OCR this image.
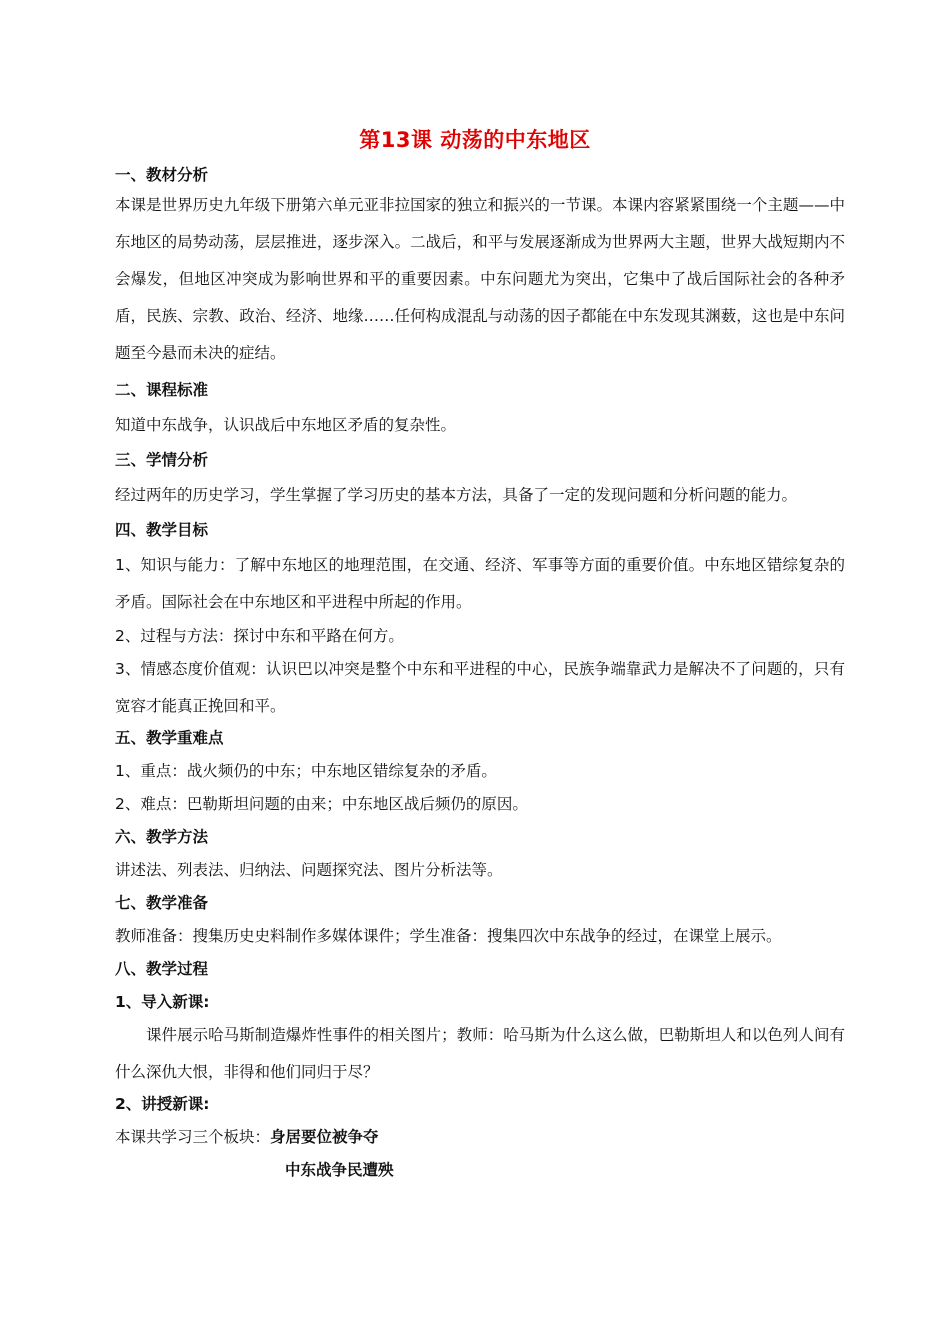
第13课 动荡的中东地区
一、教材分析
本课是世界历史九年级下册第六单元亚非拉国家的独立和振兴的一节课。本课内容紧紧围绕一个主题——中东地区的局势动荡，层层推进，逐步深入。二战后，和平与发展逐渐成为世界两大主题，世界大战短期内不会爆发，但地区冲突成为影响世界和平的重要因素。中东问题尤为突出，它集中了战后国际社会的各种矛盾，民族、宗教、政治、经济、地缘……任何构成混乱与动荡的因子都能在中东发现其渊薮，这也是中东问题至今悬而未决的症结。
二、课程标准
知道中东战争，认识战后中东地区矛盾的复杂性。
三、学情分析
经过两年的历史学习，学生掌握了学习历史的基本方法，具备了一定的发现问题和分析问题的能力。
四、教学目标
1、知识与能力：了解中东地区的地理范围，在交通、经济、军事等方面的重要价值。中东地区错综复杂的矛盾。国际社会在中东地区和平进程中所起的作用。
2、过程与方法：探讨中东和平路在何方。
3、情感态度价值观：认识巴以冲突是整个中东和平进程的中心，民族争端靠武力是解决不了问题的，只有宽容才能真正挽回和平。
五、教学重难点
1、重点：战火频仍的中东；中东地区错综复杂的矛盾。
2、难点：巴勒斯坦问题的由来；中东地区战后频仍的原因。
六、教学方法
讲述法、列表法、归纳法、问题探究法、图片分析法等。
七、教学准备
教师准备：搜集历史史料制作多媒体课件；学生准备：搜集四次中东战争的经过，在课堂上展示。
八、教学过程
1、导入新课:
课件展示哈马斯制造爆炸性事件的相关图片；教师：哈马斯为什么这么做，巴勒斯坦人和以色列人间有什么深仇大恨，非得和他们同归于尽？
2、讲授新课:
本课共学习三个板块：身居要位被争夺
中东战争民遭殃
